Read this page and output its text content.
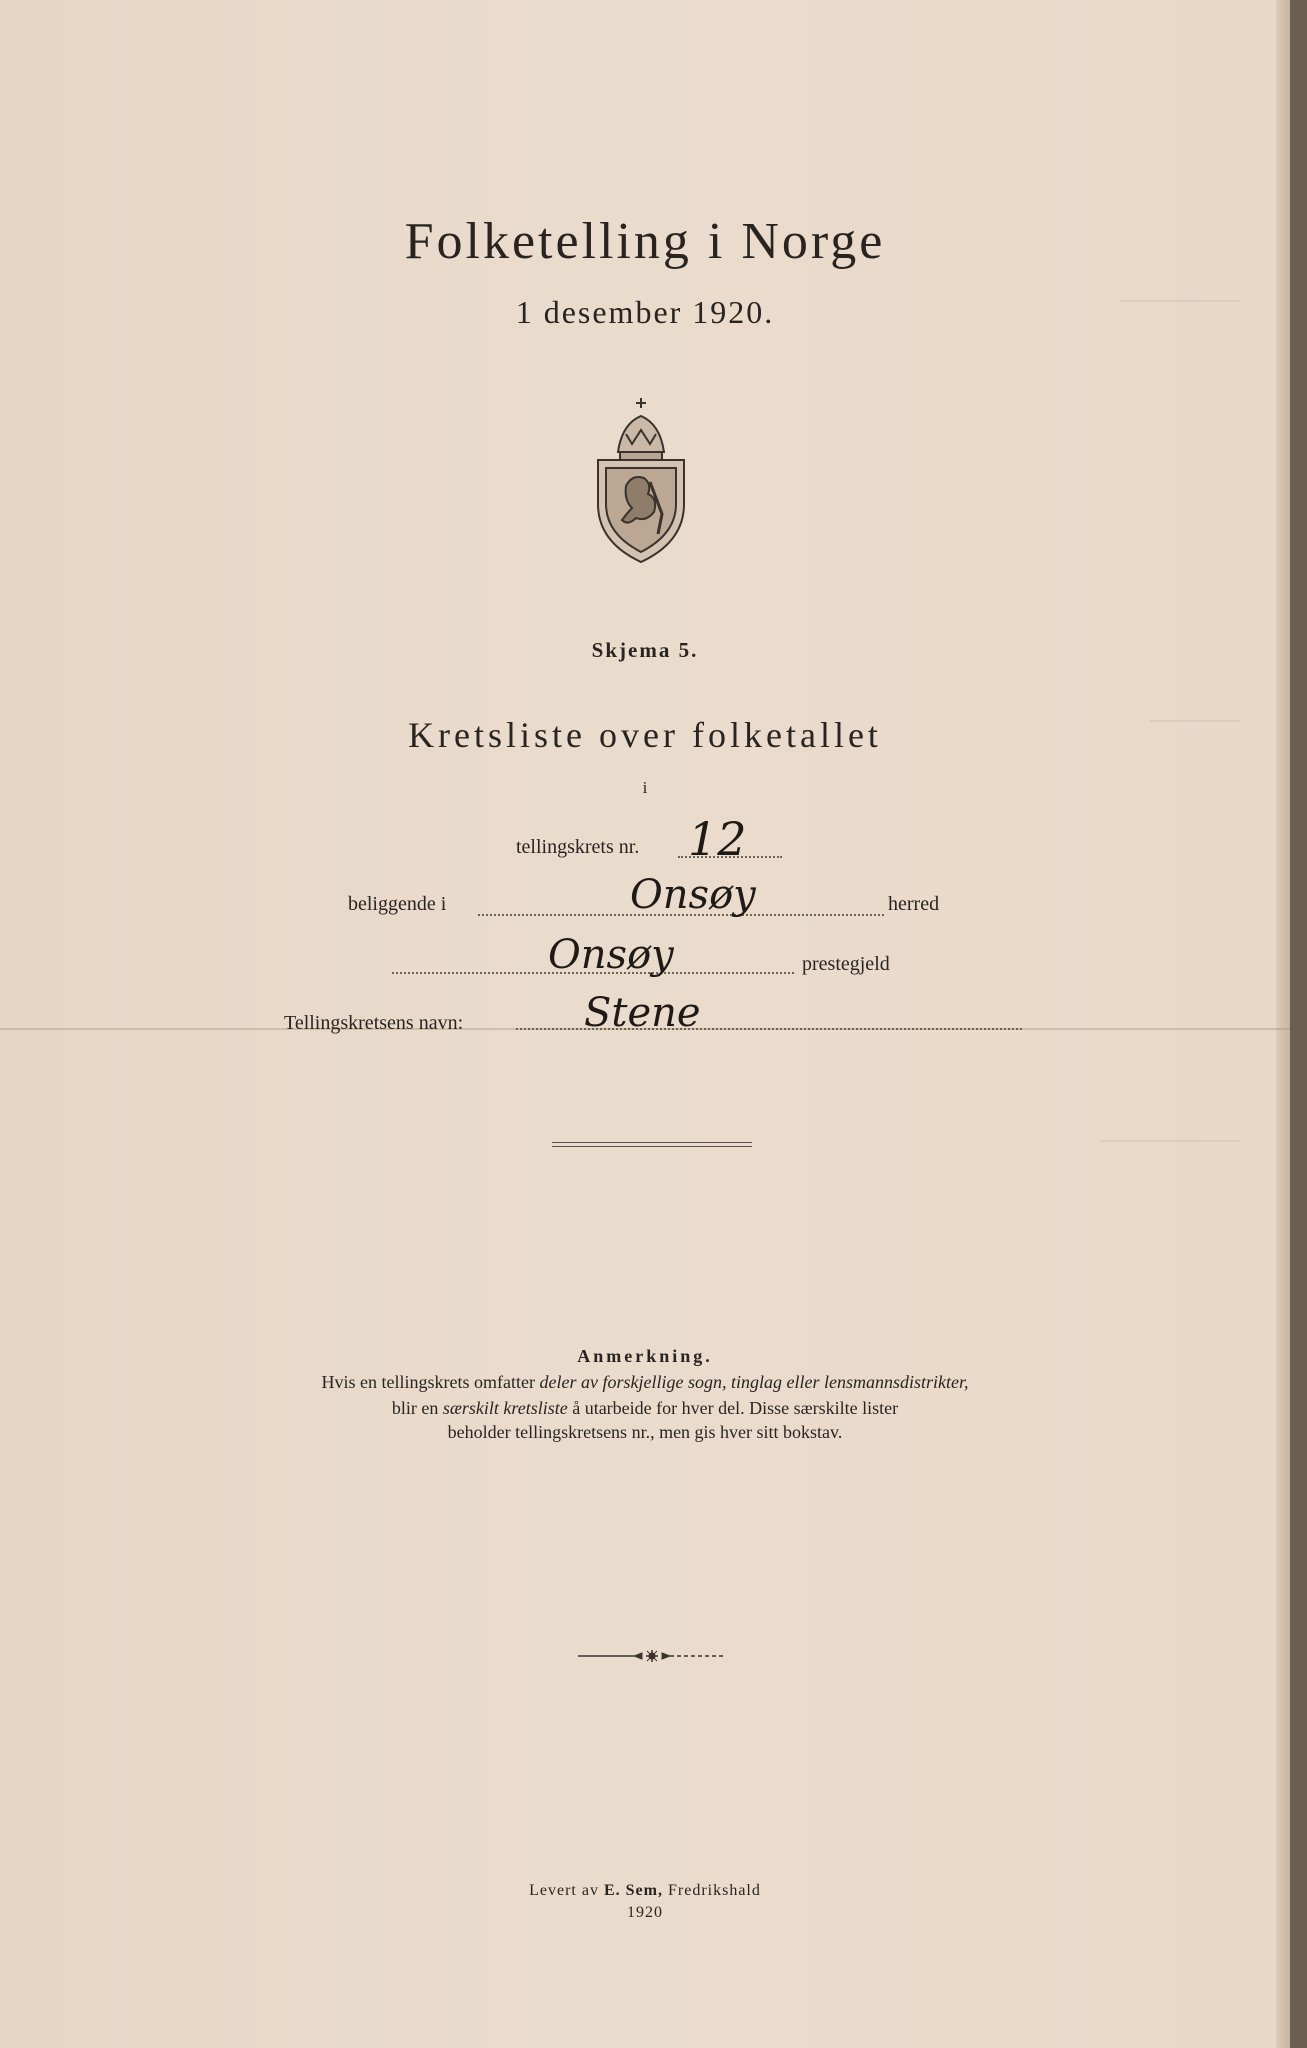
Folketelling i Norge
1 desember 1920.
Skjema 5.
Kretsliste over folketallet
i
tellingskrets nr. 12
beliggende i	Onsøy	herred
Onsøy	prestegjeld
Tellingskretsens navn:	Stene
Anmerkning.
Hvis en tellingskrets omfatter deler av forskjellige sogn, tinglag eller lensmannsdistrikter,
blir en særskilt kretsliste å utarbeide for hver del. Disse særskilte lister
beholder tellingskretsens nr., men gis hver sitt bokstav.
Levert av E. Sem, Fredrikshald
1920
